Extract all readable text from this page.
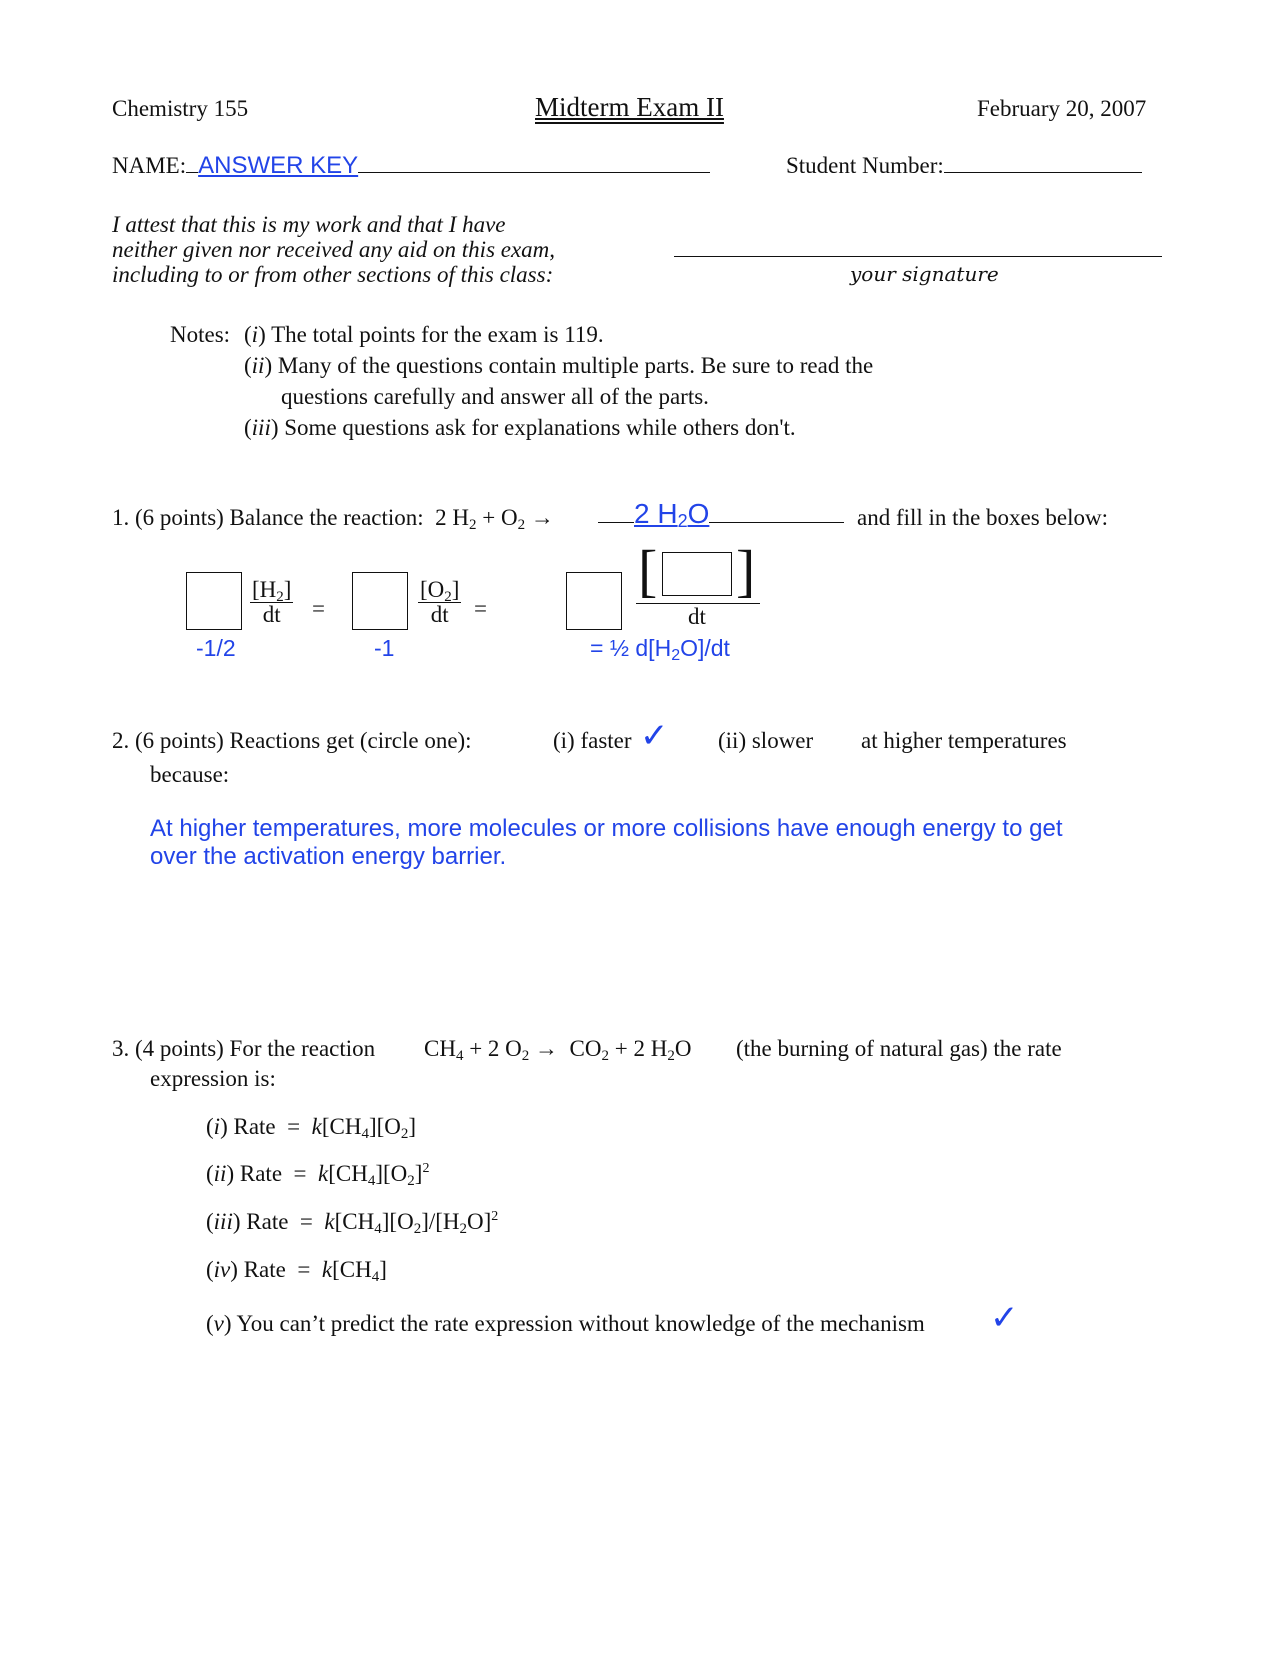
Chemistry 155	Midterm Exam II	February 20, 2007
NAME: ANSWER KEY	Student Number:
I attest that this is my work and that I have
neither given nor received any aid on this exam,
including to or from other sections of this class:	your signature
Notes: (i) The total points for the exam is 119.
(ii) Many of the questions contain multiple parts. Be sure to read the
questions carefully and answer all of the parts.
(iii) Some questions ask for explanations while others don't.
1. (6 points) Balance the reaction: 2 $H_2 + O_2$ →	2 $H_2O$	and fill in the boxes below:
$\frac{[H_2]}{dt}$ =	$\frac{[O_2]}{dt}$ =
[ ]
dt
-1/2	-1	= ½ $d[H_2O]/dt$
2. (6 points) Reactions get (circle one):	(i) faster ✓ (ii) slower at higher temperatures
because:
At higher temperatures, more molecules or more collisions have enough energy to get
over the activation energy barrier.
3. (4 points) For the reaction $CH_4 + 2$ $O_2 \to CO_2 + 2$ $H_2O$ (the burning of natural gas) the rate
expression is:
(i) Rate = $k[CH_4][O_2]$
(ii) Rate = $k[CH_4][O_2]^2$
(iii) Rate = $k[CH_4][O_2]/[H_2O]^2$
(iv) Rate = $k[CH_4]$
(v) You can’t predict the rate expression without knowledge of the mechanism ✓
